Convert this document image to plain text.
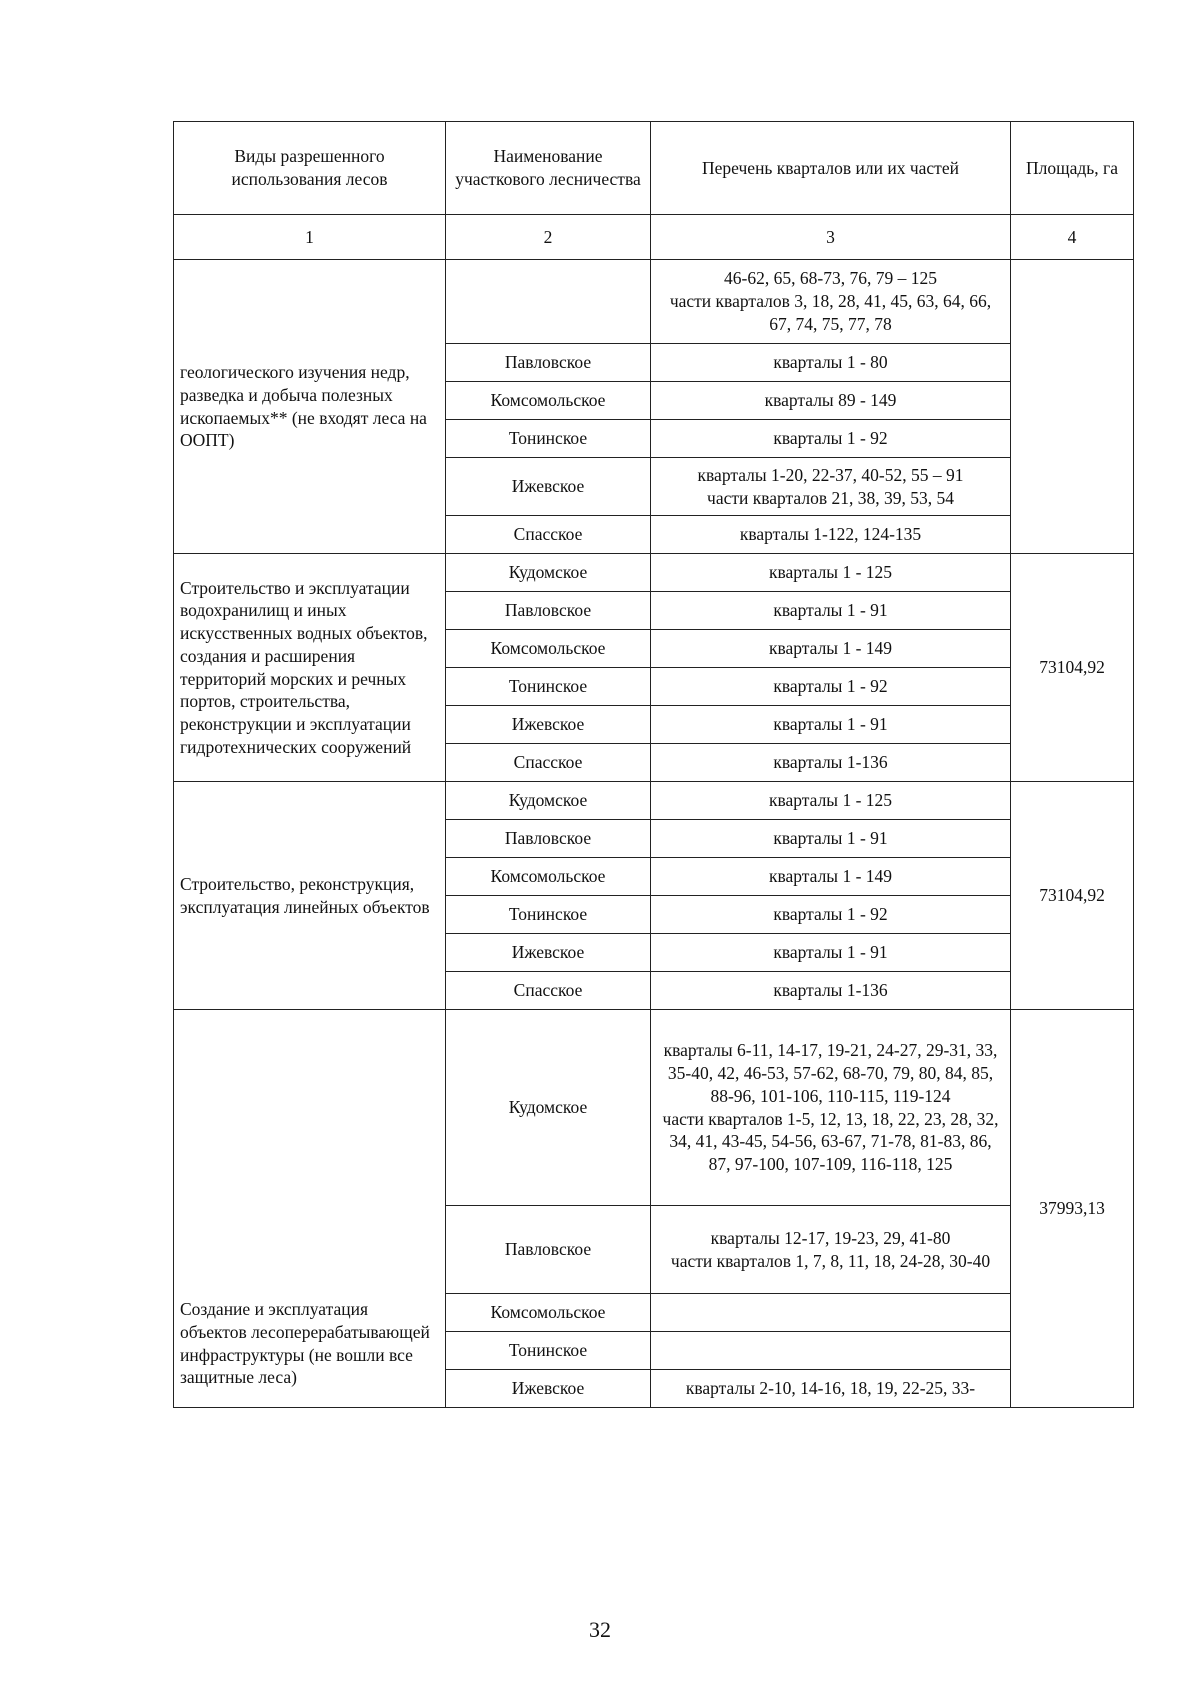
Виды разрешенного использования лесов	Наименование участкового лесничества	Перечень кварталов или их частей	Площадь, га
1	2	3	4
геологического изучения недр, разведка и добыча полезных ископаемых** (не входят леса на ООПТ)		46-62, 65, 68-73, 76, 79 – 125
части кварталов 3, 18, 28, 41, 45, 63, 64, 66, 67, 74, 75, 77, 78	

	Павловское	кварталы 1 - 80	
	Комсомольское	кварталы 89 - 149	
	Тонинское	кварталы 1 - 92	
	Ижевское	кварталы 1-20, 22-37, 40-52, 55 – 91
части кварталов 21, 38, 39, 53, 54	

	Спасское	кварталы 1-122, 124-135	
Строительство и эксплуатации водохранилищ и иных искусственных водных объектов, создания и расширения территорий морских и речных портов, строительства, реконструкции и эксплуатации гидротехнических сооружений	Кудомское	кварталы 1 - 125	73104,92
	Павловское	кварталы 1 - 91	
	Комсомольское	кварталы 1 - 149	
	Тонинское	кварталы 1 - 92	
	Ижевское	кварталы 1 - 91	
	Спасское	кварталы 1-136	
Строительство, реконструкция, эксплуатация линейных объектов	Кудомское	кварталы 1 - 125	73104,92
	Павловское	кварталы 1 - 91	
	Комсомольское	кварталы 1 - 149	
	Тонинское	кварталы 1 - 92	
	Ижевское	кварталы 1 - 91	
	Спасское	кварталы 1-136	
Создание и эксплуатация объектов лесоперерабатывающей инфраструктуры (не вошли все защитные леса)	Кудомское	кварталы 6-11, 14-17, 19-21, 24-27, 29-31, 33, 35-40, 42, 46-53, 57-62, 68-70, 79, 80, 84, 85, 88-96, 101-106, 110-115, 119-124
части кварталов 1-5, 12, 13, 18, 22, 23, 28, 32, 34, 41, 43-45, 54-56, 63-67, 71-78, 81-83, 86, 87, 97-100, 107-109, 116-118, 125	37993,13
	Павловское	кварталы 12-17, 19-23, 29, 41-80
части кварталов 1, 7, 8, 11, 18, 24-28, 30-40	

	Комсомольское		
	Тонинское		
	Ижевское	кварталы 2-10, 14-16, 18, 19, 22-25, 33-	
32
